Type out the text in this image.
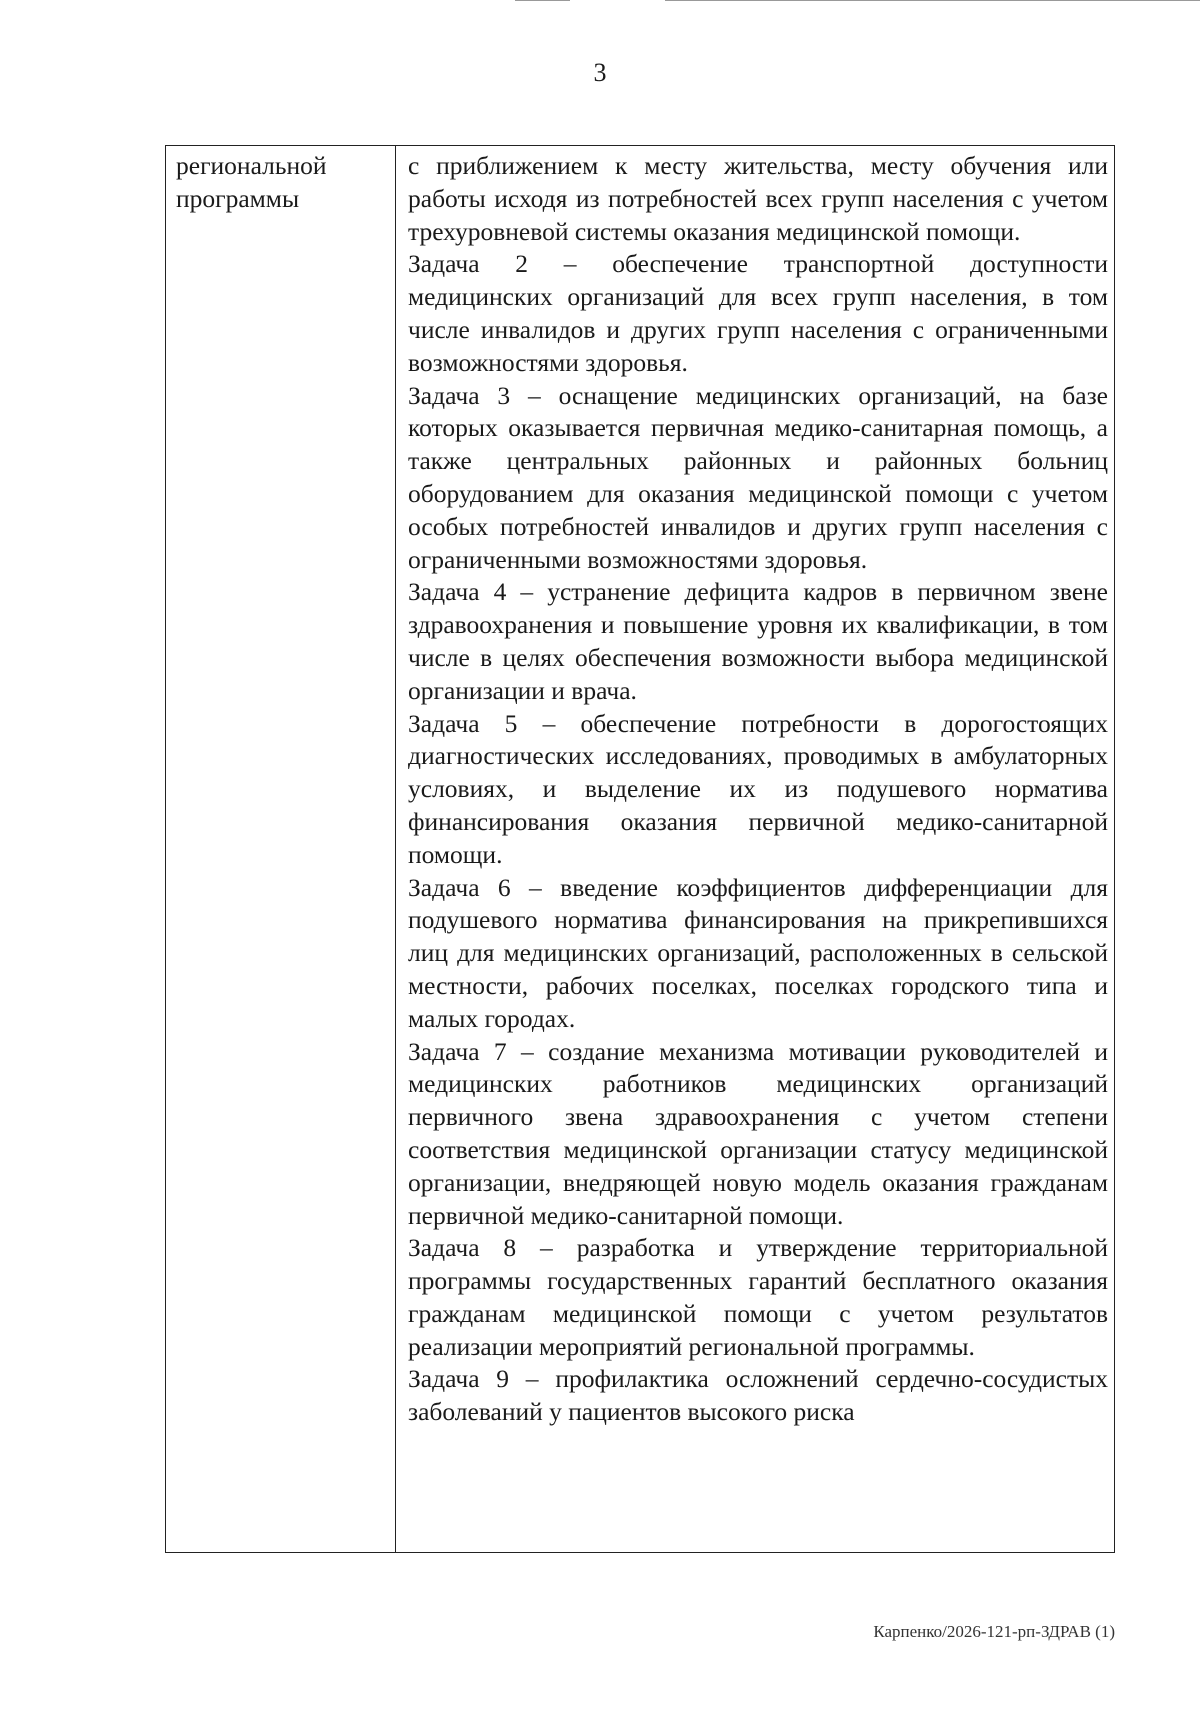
3
региональной
программы

с приближением к месту жительства, месту обучения или работы исходя из потребностей всех групп населения с учетом трехуровневой системы оказания медицинской помощи.

Задача 2 – обеспечение транспортной доступности медицинских организаций для всех групп населения, в том числе инвалидов и других групп населения с ограниченными возможностями здоровья.

Задача 3 – оснащение медицинских организаций, на базе которых оказывается первичная медико-санитарная помощь, а также центральных районных и районных больниц оборудованием для оказания медицинской помощи с учетом особых потребностей инвалидов и других групп населения с ограниченными возможностями здоровья.

Задача 4 – устранение дефицита кадров в первичном звене здравоохранения и повышение уровня их квалификации, в том числе в целях обеспечения возможности выбора медицинской организации и врача.

Задача 5 – обеспечение потребности в дорогостоящих диагностических исследованиях, проводимых в амбулаторных условиях, и выделение их из подушевого норматива финансирования оказания первичной медико-санитарной помощи.

Задача 6 – введение коэффициентов дифференциации для подушевого норматива финансирования на прикрепившихся лиц для медицинских организаций, расположенных в сельской местности, рабочих поселках, поселках городского типа и малых городах.

Задача 7 – создание механизма мотивации руководителей и медицинских работников медицинских организаций первичного звена здравоохранения с учетом степени соответствия медицинской организации статусу медицинской организации, внедряющей новую модель оказания гражданам первичной медико-санитарной помощи.

Задача 8 – разработка и утверждение территориальной программы государственных гарантий бесплатного оказания гражданам медицинской помощи с учетом результатов реализации мероприятий региональной программы.

Задача 9 – профилактика осложнений сердечно-сосудистых заболеваний у пациентов высокого риска

Карпенко/2026-121-рп-ЗДРАВ (1)
